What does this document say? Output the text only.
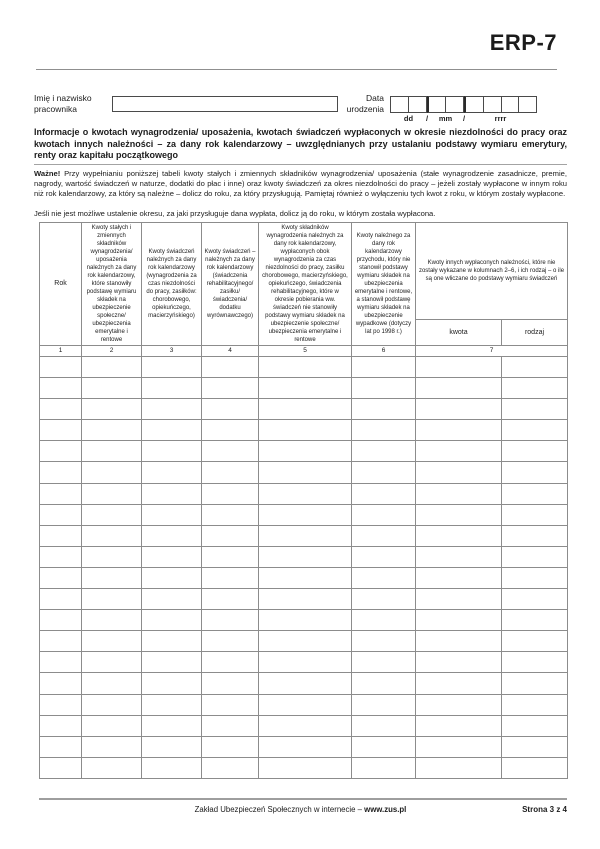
ERP-7
Imię i nazwisko
pracownika
Data
urodzenia
dd	/	mm	/	rrrr
Informacje o kwotach wynagrodzenia/ uposażenia, kwotach świadczeń wypłaconych w okresie niezdolności do pracy oraz kwotach innych należności – za dany rok kalendarzowy – uwzględnianych przy ustalaniu podstawy wymiaru emerytury, renty oraz kapitału początkowego
Ważne! Przy wypełnianiu poniższej tabeli kwoty stałych i zmiennych składników wynagrodzenia/ uposażenia (stałe wynagrodzenie zasadnicze, premie, nagrody, wartość świadczeń w naturze, dodatki do płac i inne) oraz kwoty świadczeń za okres niezdolności do pracy – jeżeli zostały wypłacone w innym roku niż rok kalendarzowy, za który są należne – dolicz do roku, za który przysługują. Pamiętaj również o wyłączeniu tych kwot z roku, w którym zostały wypłacone.
Jeśli nie jest możliwe ustalenie okresu, za jaki przysługuje dana wypłata, dolicz ją do roku, w którym została wypłacona.
Rok	Kwoty stałych i zmiennych składników wynagrodzenia/ uposażenia należnych za dany rok kalendarzowy, które stanowiły podstawę wymiaru składek na ubezpieczenie społeczne/ ubezpieczenia emerytalne i rentowe	Kwoty świadczeń należnych za dany rok kalendarzowy (wynagrodzenia za czas niezdolności do pracy, zasiłków: chorobowego, opiekuńczego, macierzyńskiego)	Kwoty świadczeń – należnych za dany rok kalendarzowy (świadczenia rehabilitacyjnego/ zasiłku/ świadczenia/ dodatku wyrównawczego)	Kwoty składników wynagrodzenia należnych za dany rok kalendarzowy, wypłaconych obok wynagrodzenia za czas niezdolności do pracy, zasiłku chorobowego, macierzyńskiego, opiekuńczego, świadczenia rehabilitacyjnego, które w okresie pobierania ww. świadczeń nie stanowiły podstawy wymiaru składek na ubezpieczenie społeczne/ ubezpieczenia emerytalne i rentowe	Kwoty należnego za dany rok kalendarzowy przychodu, który nie stanowił podstawy wymiaru składek na ubezpieczenia emerytalne i rentowe, a stanowił podstawę wymiaru składek na ubezpieczenie wypadkowe (dotyczy lat po 1998 r.)	Kwoty innych wypłaconych należności, które nie zostały wykazane w kolumnach 2–6, i ich rodzaj – o ile są one wliczane do podstawy wymiaru świadczeń
						kwota	rodzaj
1	2	3	4	5	6	7	

Zakład Ubezpieczeń Społecznych w internecie – www.zus.pl	Strona 3 z 4
